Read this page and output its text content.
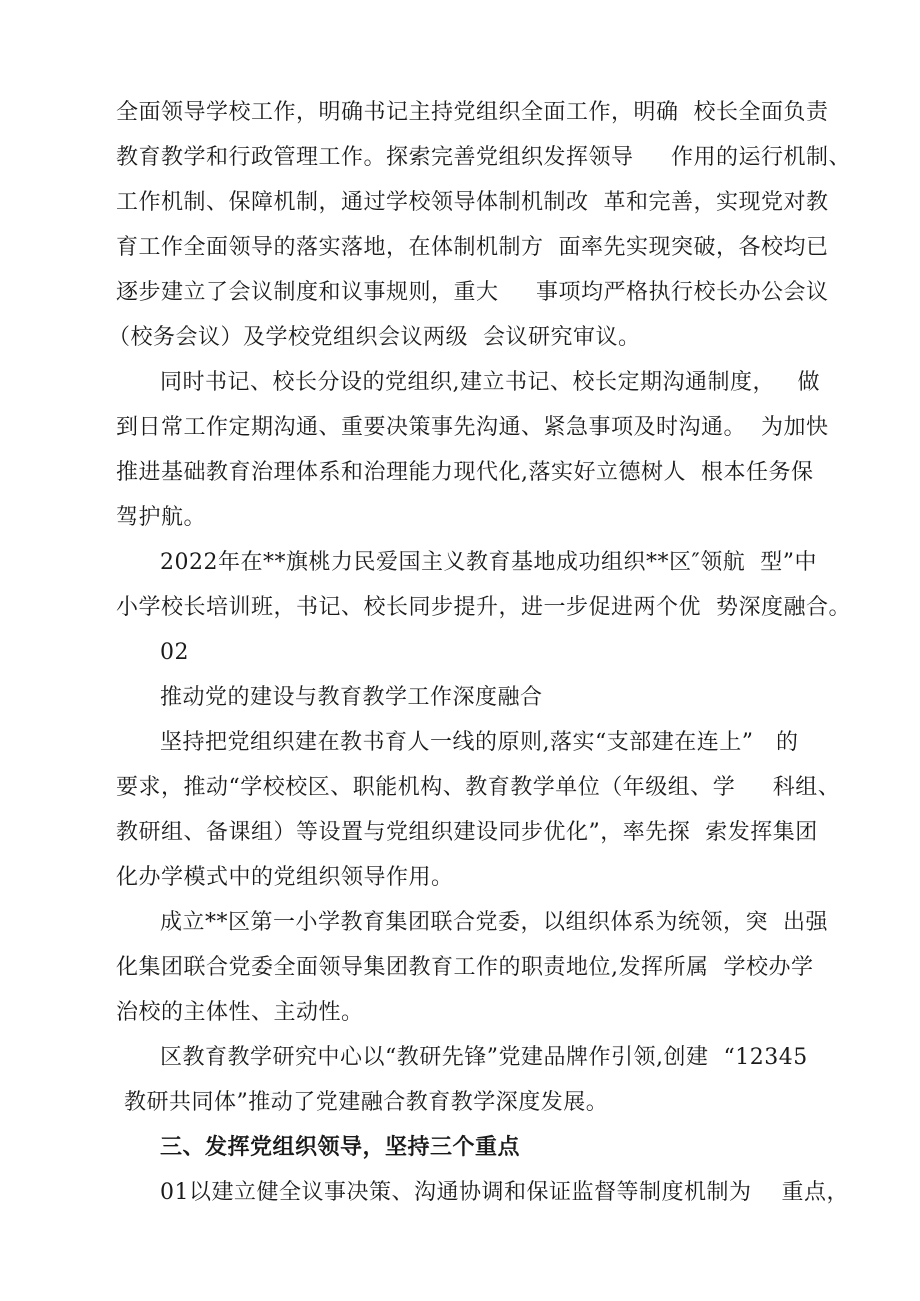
全面领导学校工作，明确书记主持党组织全面工作，明确  校长全面负责
教育教学和行政管理工作。探索完善党组织发挥领导     作用的运行机制、
工作机制、保障机制，通过学校领导体制机制改  革和完善，实现党对教
育工作全面领导的落实落地，在体制机制方  面率先实现突破，各校均已
逐步建立了会议制度和议事规则，重大     事项均严格执行校长办公会议
（校务会议）及学校党组织会议两级  会议研究审议。
同时书记、校长分设的党组织,建立书记、校长定期沟通制度，   做
到日常工作定期沟通、重要决策事先沟通、紧急事项及时沟通。  为加快
推进基础教育治理体系和治理能力现代化,落实好立德树人  根本任务保
驾护航。
2022年在**旗桃力民爱国主义教育基地成功组织**区″领航  型”中
小学校长培训班，书记、校长同步提升，进一步促进两个优  势深度融合。
02
推动党的建设与教育教学工作深度融合
坚持把党组织建在教书育人一线的原则,落实“支部建在连上”   的
要求，推动“学校校区、职能机构、教育教学单位（年级组、学     科组、
教研组、备课组）等设置与党组织建设同步优化”，率先探  索发挥集团
化办学模式中的党组织领导作用。
成立**区第一小学教育集团联合党委，以组织体系为统领，突  出强
化集团联合党委全面领导集团教育工作的职责地位,发挥所属  学校办学
治校的主体性、主动性。
区教育教学研究中心以“教研先锋”党建品牌作引领,创建  “12345
教研共同体”推动了党建融合教育教学深度发展。
三、发挥党组织领导，坚持三个重点
01以建立健全议事决策、沟通协调和保证监督等制度机制为    重点，
